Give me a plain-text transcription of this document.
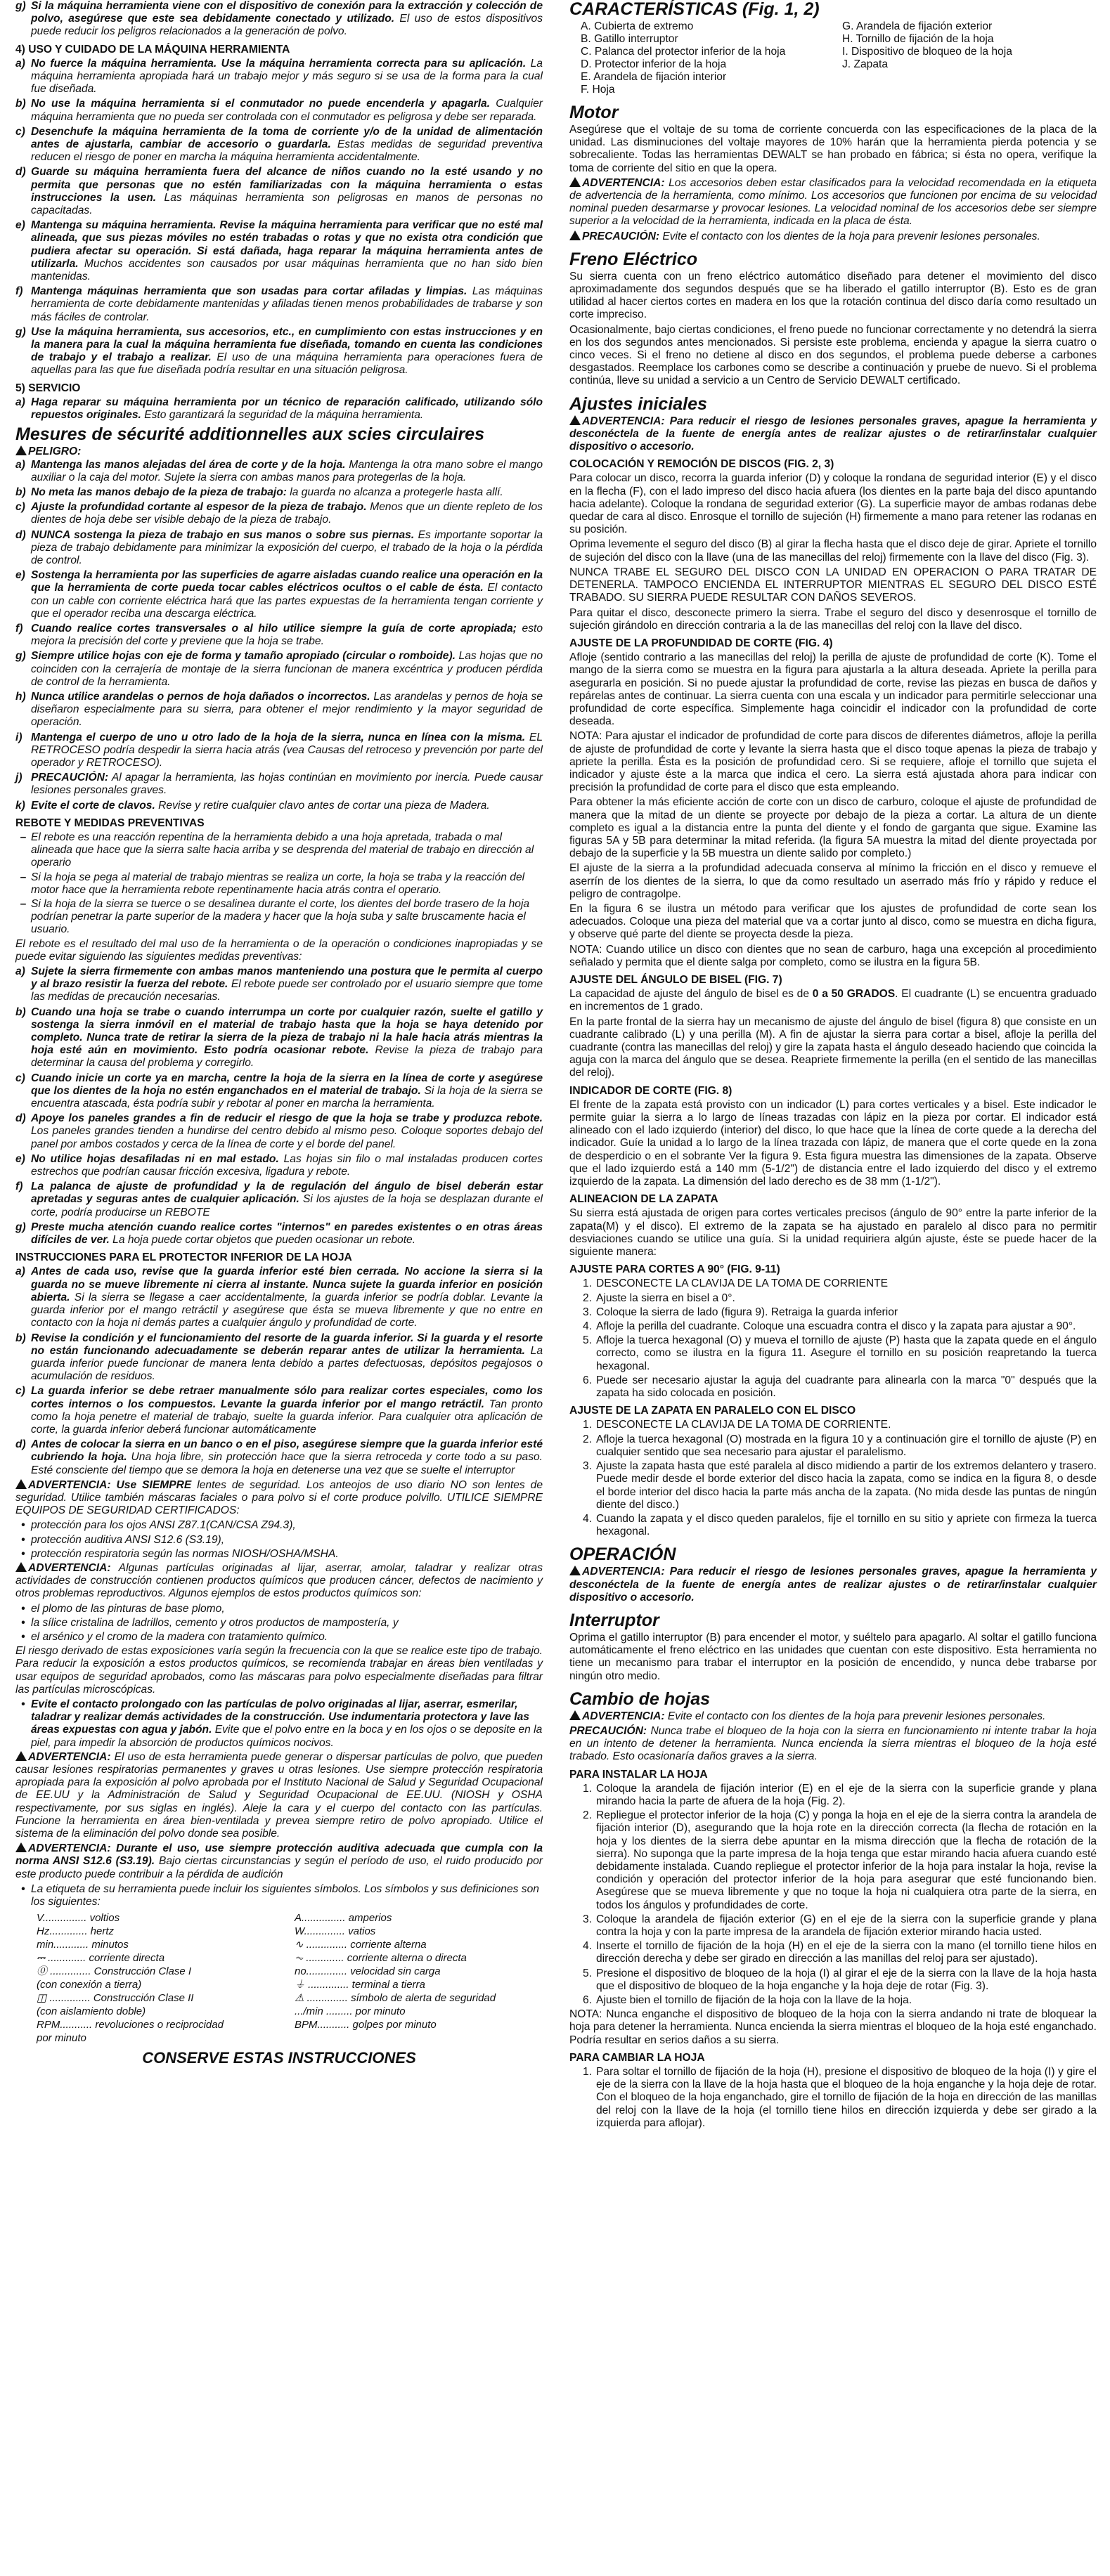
g) Si la máquina herramienta viene con el dispositivo de conexión para la extracción y colección de polvo, asegúrese que este sea debidamente conectado y utilizado. El uso de estos dispositivos puede reducir los peligros relacionados a la generación de polvo.
4) USO Y CUIDADO DE LA MÁQUINA HERRAMIENTA
a) No fuerce la máquina herramienta. Use la máquina herramienta correcta para su aplicación. La máquina herramienta apropiada hará un trabajo mejor y más seguro si se usa de la forma para la cual fue diseñada.
b) No use la máquina herramienta si el conmutador no puede encenderla y apagarla. Cualquier máquina herramienta que no pueda ser controlada con el conmutador es peligrosa y debe ser reparada.
c) Desenchufe la máquina herramienta de la toma de corriente y/o de la unidad de alimentación antes de ajustarla, cambiar de accesorio o guardarla. Estas medidas de seguridad preventiva reducen el riesgo de poner en marcha la máquina herramienta accidentalmente.
d) Guarde su máquina herramienta fuera del alcance de niños cuando no la esté usando y no permita que personas que no estén familiarizadas con la máquina herramienta o estas instrucciones la usen. Las máquinas herramienta son peligrosas en manos de personas no capacitadas.
e) Mantenga su máquina herramienta. Revise la máquina herramienta para verificar que no esté mal alineada, que sus piezas móviles no estén trabadas o rotas y que no exista otra condición que pudiera afectar su operación. Si está dañada, haga reparar la máquina herramienta antes de utilizarla. Muchos accidentes son causados por usar máquinas herramienta que no han sido bien mantenidas.
f) Mantenga máquinas herramienta que son usadas para cortar afiladas y limpias. Las máquinas herramienta de corte debidamente mantenidas y afiladas tienen menos probabilidades de trabarse y son más fáciles de controlar.
g) Use la máquina herramienta, sus accesorios, etc., en cumplimiento con estas instrucciones y en la manera para la cual la máquina herramienta fue diseñada, tomando en cuenta las condiciones de trabajo y el trabajo a realizar. El uso de una máquina herramienta para operaciones fuera de aquellas para las que fue diseñada podría resultar en una situación peligrosa.
5) SERVICIO
a) Haga reparar su máquina herramienta por un técnico de reparación calificado, utilizando sólo repuestos originales. Esto garantizará la seguridad de la máquina herramienta.
Mesures de sécurité additionnelles aux scies circulaires
PELIGRO:
a) Mantenga las manos alejadas del área de corte y de la hoja. Mantenga la otra mano sobre el mango auxiliar o la caja del motor. Sujete la sierra con ambas manos para protegerlas de la hoja.
b) No meta las manos debajo de la pieza de trabajo: la guarda no alcanza a protegerle hasta allí.
c) Ajuste la profundidad cortante al espesor de la pieza de trabajo. Menos que un diente repleto de los dientes de hoja debe ser visible debajo de la pieza de trabajo.
d) NUNCA sostenga la pieza de trabajo en sus manos o sobre sus piernas. Es importante soportar la pieza de trabajo debidamente para minimizar la exposición del cuerpo, el trabado de la hoja o la pérdida de control.
e) Sostenga la herramienta por las superficies de agarre aisladas cuando realice una operación en la que la herramienta de corte pueda tocar cables eléctricos ocultos o el cable de ésta. El contacto con un cable con corriente eléctrica hará que las partes expuestas de la herramienta tengan corriente y que el operador reciba una descarga eléctrica.
f) Cuando realice cortes transversales o al hilo utilice siempre la guía de corte apropiada; esto mejora la precisión del corte y previene que la hoja se trabe.
g) Siempre utilice hojas con eje de forma y tamaño apropiado (circular o romboide). Las hojas que no coinciden con la cerrajería de montaje de la sierra funcionan de manera excéntrica y producen pérdida de control de la herramienta.
h) Nunca utilice arandelas o pernos de hoja dañados o incorrectos. Las arandelas y pernos de hoja se diseñaron especialmente para su sierra, para obtener el mejor rendimiento y la mayor seguridad de operación.
i) Mantenga el cuerpo de uno u otro lado de la hoja de la sierra, nunca en línea con la misma. EL RETROCESO podría despedir la sierra hacia atrás (vea Causas del retroceso y prevención por parte del operador y RETROCESO).
j) PRECAUCIÓN: Al apagar la herramienta, las hojas continúan en movimiento por inercia. Puede causar lesiones personales graves.
k) Evite el corte de clavos. Revise y retire cualquier clavo antes de cortar una pieza de Madera.
REBOTE Y MEDIDAS PREVENTIVAS
– El rebote es una reacción repentina de la herramienta debido a una hoja apretada, trabada o mal alineada que hace que la sierra salte hacia arriba y se desprenda del material de trabajo en dirección al operario
– Si la hoja se pega al material de trabajo mientras se realiza un corte, la hoja se traba y la reacción del motor hace que la herramienta rebote repentinamente hacia atrás contra el operario.
– Si la hoja de la sierra se tuerce o se desalinea durante el corte, los dientes del borde trasero de la hoja podrían penetrar la parte superior de la madera y hacer que la hoja suba y salte bruscamente hacia el usuario.

El rebote es el resultado del mal uso de la herramienta o de la operación o condiciones inapropiadas y se puede evitar siguiendo las siguientes medidas preventivas:

a) Sujete la sierra firmemente con ambas manos manteniendo una postura que le permita al cuerpo y al brazo resistir la fuerza del rebote. El rebote puede ser controlado por el usuario siempre que tome las medidas de precaución necesarias.
b) Cuando una hoja se trabe o cuando interrumpa un corte por cualquier razón, suelte el gatillo y sostenga la sierra inmóvil en el material de trabajo hasta que la hoja se haya detenido por completo. Nunca trate de retirar la sierra de la pieza de trabajo ni la hale hacia atrás mientras la hoja esté aún en movimiento. Esto podría ocasionar rebote. Revise la pieza de trabajo para determinar la causa del problema y corregirlo.
c) Cuando inicie un corte ya en marcha, centre la hoja de la sierra en la línea de corte y asegúrese que los dientes de la hoja no estén enganchados en el material de trabajo. Si la hoja de la sierra se encuentra atascada, ésta podría subir y rebotar al poner en marcha la herramienta.
d) Apoye los paneles grandes a fin de reducir el riesgo de que la hoja se trabe y produzca rebote. Los paneles grandes tienden a hundirse del centro debido al mismo peso. Coloque soportes debajo del panel por ambos costados y cerca de la línea de corte y el borde del panel.
e) No utilice hojas desafiladas ni en mal estado. Las hojas sin filo o mal instaladas producen cortes estrechos que podrían causar fricción excesiva, ligadura y rebote.
f) La palanca de ajuste de profundidad y la de regulación del ángulo de bisel deberán estar apretadas y seguras antes de cualquier aplicación. Si los ajustes de la hoja se desplazan durante el corte, podría producirse un REBOTE
g) Preste mucha atención cuando realice cortes "internos" en paredes existentes o en otras áreas difíciles de ver. La hoja puede cortar objetos que pueden ocasionar un rebote.
INSTRUCCIONES PARA EL PROTECTOR INFERIOR DE LA HOJA
a) Antes de cada uso, revise que la guarda inferior esté bien cerrada. No accione la sierra si la guarda no se mueve libremente ni cierra al instante. Nunca sujete la guarda inferior en posición abierta. Si la sierra se llegase a caer accidentalmente, la guarda inferior se podría doblar. Levante la guarda inferior por el mango retráctil y asegúrese que ésta se mueva libremente y que no entre en contacto con la hoja ni demás partes a cualquier ángulo y profundidad de corte.
b) Revise la condición y el funcionamiento del resorte de la guarda inferior. Si la guarda y el resorte no están funcionando adecuadamente se deberán reparar antes de utilizar la herramienta. La guarda inferior puede funcionar de manera lenta debido a partes defectuosas, depósitos pegajosos o acumulación de residuos.
c) La guarda inferior se debe retraer manualmente sólo para realizar cortes especiales, como los cortes internos o los compuestos. Levante la guarda inferior por el mango retráctil. Tan pronto como la hoja penetre el material de trabajo, suelte la guarda inferior. Para cualquier otra aplicación de corte, la guarda inferior deberá funcionar automáticamente
d) Antes de colocar la sierra en un banco o en el piso, asegúrese siempre que la guarda inferior esté cubriendo la hoja. Una hoja libre, sin protección hace que la sierra retroceda y corte todo a su paso. Esté consciente del tiempo que se demora la hoja en detenerse una vez que se suelte el interruptor

ADVERTENCIA: Use SIEMPRE lentes de seguridad. Los anteojos de uso diario NO son lentes de seguridad. Utilice también máscaras faciales o para polvo si el corte produce polvillo. UTILICE SIEMPRE EQUIPOS DE SEGURIDAD CERTIFICADOS:

• protección para los ojos ANSI Z87.1(CAN/CSA Z94.3),
• protección auditiva ANSI S12.6 (S3.19),
• protección respiratoria según las normas NIOSH/OSHA/MSHA.

ADVERTENCIA: Algunas partículas originadas al lijar, aserrar, amolar, taladrar y realizar otras actividades de construcción contienen productos químicos que producen cáncer, defectos de nacimiento y otros problemas reproductivos. Algunos ejemplos de estos productos químicos son:

• el plomo de las pinturas de base plomo,
• la sílice cristalina de ladrillos, cemento y otros productos de mampostería, y
• el arsénico y el cromo de la madera con tratamiento químico.

El riesgo derivado de estas exposiciones varía según la frecuencia con la que se realice este tipo de trabajo. Para reducir la exposición a estos productos químicos, se recomienda trabajar en áreas bien ventiladas y usar equipos de seguridad aprobados, como las máscaras para polvo especialmente diseñadas para filtrar las partículas microscópicas.

• Evite el contacto prolongado con las partículas de polvo originadas al lijar, aserrar, esmerilar, taladrar y realizar demás actividades de la construcción. Use indumentaria protectora y lave las áreas expuestas con agua y jabón. Evite que el polvo entre en la boca y en los ojos o se deposite en la piel, para impedir la absorción de productos químicos nocivos.

ADVERTENCIA: El uso de esta herramienta puede generar o dispersar partículas de polvo, que pueden causar lesiones respiratorias permanentes y graves u otras lesiones. Use siempre protección respiratoria apropiada para la exposición al polvo aprobada por el Instituto Nacional de Salud y Seguridad Ocupacional de EE.UU y la Administración de Salud y Seguridad Ocupacional de EE.UU. (NIOSH y OSHA respectivamente, por sus siglas en inglés). Aleje la cara y el cuerpo del contacto con las partículas. Funcione la herramienta en área bien-ventilada y prevea siempre retiro de polvo apropiado. Utilice el sistema de la eliminación del polvo donde sea posible.

ADVERTENCIA: Durante el uso, use siempre protección auditiva adecuada que cumpla con la norma ANSI S12.6 (S3.19). Bajo ciertas circunstancias y según el período de uso, el ruido producido por este producto puede contribuir a la pérdida de audición

• La etiqueta de su herramienta puede incluir los siguientes símbolos. Los símbolos y sus definiciones son los siguientes:
V............... voltios	A............... amperios
Hz............. hertz	W.............. vatios
min............ minutos	∿ .............. corriente alterna
⎓ ............. corriente directa	⏦ ............. corriente alterna o directa
⓪ .............. Construcción Clase I	no.............. velocidad sin carga
(con conexión a tierra)	⏚ .............. terminal a tierra
◫ .............. Construcción Clase II	⚠ .............. símbolo de alerta de seguridad
(con aislamiento doble)	.../min ......... por minuto
RPM........... revoluciones o reciprocidad	BPM........... golpes por minuto
por minuto
CONSERVE ESTAS INSTRUCCIONES
CARACTERÍSTICAS (Fig. 1, 2)
A. Cubierta de extremo	G. Arandela de fijación exterior
B. Gatillo interruptor	H. Tornillo de fijación de la hoja
C. Palanca del protector inferior de la hoja	I. Dispositivo de bloqueo de la hoja
D. Protector inferior de la hoja	J. Zapata
E. Arandela de fijación interior
F. Hoja
Motor

Asegúrese que el voltaje de su toma de corriente concuerda con las especificaciones de la placa de la unidad. Las disminuciones del voltaje mayores de 10% harán que la herramienta pierda potencia y se sobrecaliente. Todas las herramientas DEWALT se han probado en fábrica; si ésta no opera, verifique la toma de corriente del sitio en que la opera.

ADVERTENCIA: Los accesorios deben estar clasificados para la velocidad recomendada en la etiqueta de advertencia de la herramienta, como mínimo. Los accesorios que funcionen por encima de su velocidad nominal pueden desarmarse y provocar lesiones. La velocidad nominal de los accesorios debe ser siempre superior a la velocidad de la herramienta, indicada en la placa de ésta.

PRECAUCIÓN: Evite el contacto con los dientes de la hoja para prevenir lesiones personales.

Freno Eléctrico

Su sierra cuenta con un freno eléctrico automático diseñado para detener el movimiento del disco aproximadamente dos segundos después que se ha liberado el gatillo interruptor (B). Esto es de gran utilidad al hacer ciertos cortes en madera en los que la rotación continua del disco daría como resultado un corte impreciso.

Ocasionalmente, bajo ciertas condiciones, el freno puede no funcionar correctamente y no detendrá la sierra en los dos segundos antes mencionados. Si persiste este problema, encienda y apague la sierra cuatro o cinco veces. Si el freno no detiene al disco en dos segundos, el problema puede deberse a carbones desgastados. Reemplace los carbones como se describe a continuación y pruebe de nuevo. Si el problema continúa, lleve su unidad a servicio a un Centro de Servicio DEWALT certificado.

Ajustes iniciales

ADVERTENCIA: Para reducir el riesgo de lesiones personales graves, apague la herramienta y desconéctela de la fuente de energía antes de realizar ajustes o de retirar/instalar cualquier dispositivo o accesorio.

COLOCACIÓN Y REMOCIÓN DE DISCOS (FIG. 2, 3)

Para colocar un disco, recorra la guarda inferior (D) y coloque la rondana de seguridad interior (E) y el disco en la flecha (F), con el lado impreso del disco hacia afuera (los dientes en la parte baja del disco apuntando hacia adelante). Coloque la rondana de seguridad exterior (G). La superficie mayor de ambas rodanas debe quedar de cara al disco. Enrosque el tornillo de sujeción (H) firmemente a mano para retener las rodanas en su posición.

Oprima levemente el seguro del disco (B) al girar la flecha hasta que el disco deje de girar. Apriete el tornillo de sujeción del disco con la llave (una de las manecillas del reloj) firmemente con la llave del disco (Fig. 3).

NUNCA TRABE EL SEGURO DEL DISCO CON LA UNIDAD EN OPERACION O PARA TRATAR DE DETENERLA. TAMPOCO ENCIENDA EL INTERRUPTOR MIENTRAS EL SEGURO DEL DISCO ESTÉ TRABADO. SU SIERRA PUEDE RESULTAR CON DAÑOS SEVEROS.

Para quitar el disco, desconecte primero la sierra. Trabe el seguro del disco y desenrosque el tornillo de sujeción girándolo en dirección contraria a la de las manecillas del reloj con la llave del disco.

AJUSTE DE LA PROFUNDIDAD DE CORTE (FIG. 4)

Afloje (sentido contrario a las manecillas del reloj) la perilla de ajuste de profundidad de corte (K). Tome el mango de la sierra como se muestra en la figura para ajustarla a la altura deseada. Apriete la perilla para asegurarla en posición. Si no puede ajustar la profundidad de corte, revise las piezas en busca de daños y repárelas antes de continuar. La sierra cuenta con una escala y un indicador para permitirle seleccionar una profundidad de corte específica. Simplemente haga coincidir el indicador con la profundidad de corte deseada.

NOTA: Para ajustar el indicador de profundidad de corte para discos de diferentes diámetros, afloje la perilla de ajuste de profundidad de corte y levante la sierra hasta que el disco toque apenas la pieza de trabajo y apriete la perilla. Ésta es la posición de profundidad cero. Si se requiere, afloje el tornillo que sujeta el indicador y ajuste éste a la marca que indica el cero. La sierra está ajustada ahora para indicar con precisión la profundidad de corte para el disco que esta empleando.

Para obtener la más eficiente acción de corte con un disco de carburo, coloque el ajuste de profundidad de manera que la mitad de un diente se proyecte por debajo de la pieza a cortar. La altura de un diente completo es igual a la distancia entre la punta del diente y el fondo de garganta que sigue. Examine las figuras 5A y 5B para determinar la mitad referida. (la figura 5A muestra la mitad del diente proyectada por debajo de la superficie y la 5B muestra un diente salido por completo.)

El ajuste de la sierra a la profundidad adecuada conserva al mínimo la fricción en el disco y remueve el aserrín de los dientes de la sierra, lo que da como resultado un aserrado más frío y rápido y reduce el peligro de contragolpe.

En la figura 6 se ilustra un método para verificar que los ajustes de profundidad de corte sean los adecuados. Coloque una pieza del material que va a cortar junto al disco, como se muestra en dicha figura, y observe qué parte del diente se proyecta desde la pieza.

NOTA: Cuando utilice un disco con dientes que no sean de carburo, haga una excepción al procedimiento señalado y permita que el diente salga por completo, como se ilustra en la figura 5B.

AJUSTE DEL ÁNGULO DE BISEL (FIG. 7)

La capacidad de ajuste del ángulo de bisel es de 0 a 50 GRADOS. El cuadrante (L) se encuentra graduado en incrementos de 1 grado.

En la parte frontal de la sierra hay un mecanismo de ajuste del ángulo de bisel (figura 8) que consiste en un cuadrante calibrado (L) y una perilla (M). A fin de ajustar la sierra para cortar a bisel, afloje la perilla del cuadrante (contra las manecillas del reloj) y gire la zapata hasta el ángulo deseado haciendo que coincida la aguja con la marca del ángulo que se desea. Reapriete firmemente la perilla (en el sentido de las manecillas del reloj).

INDICADOR DE CORTE (FIG. 8)

El frente de la zapata está provisto con un indicador (L) para cortes verticales y a bisel. Este indicador le permite guiar la sierra a lo largo de líneas trazadas con lápiz en la pieza por cortar. El indicador está alineado con el lado izquierdo (interior) del disco, lo que hace que la línea de corte quede a la derecha del indicador. Guíe la unidad a lo largo de la línea trazada con lápiz, de manera que el corte quede en la zona de desperdicio o en el sobrante Ver la figura 9. Esta figura muestra las dimensiones de la zapata. Observe que el lado izquierdo está a 140 mm (5-1/2") de distancia entre el lado izquierdo del disco y el extremo izquierdo de la zapata. La dimensión del lado derecho es de 38 mm (1-1/2").

ALINEACION DE LA ZAPATA

Su sierra está ajustada de origen para cortes verticales precisos (ángulo de 90° entre la parte inferior de la zapata(M) y el disco). El extremo de la zapata se ha ajustado en paralelo al disco para no permitir desviaciones cuando se utilice una guía. Si la unidad requiriera algún ajuste, éste se puede hacer de la siguiente manera:

AJUSTE PARA CORTES A 90° (FIG. 9-11)
1. DESCONECTE LA CLAVIJA DE LA TOMA DE CORRIENTE
2. Ajuste la sierra en bisel a 0°.
3. Coloque la sierra de lado (figura 9). Retraiga la guarda inferior
4. Afloje la perilla del cuadrante. Coloque una escuadra contra el disco y la zapata para ajustar a 90°.
5. Afloje la tuerca hexagonal (O) y mueva el tornillo de ajuste (P) hasta que la zapata quede en el ángulo correcto, como se ilustra en la figura 11. Asegure el tornillo en su posición reapretando la tuerca hexagonal.
6. Puede ser necesario ajustar la aguja del cuadrante para alinearla con la marca "0" después que la zapata ha sido colocada en posición.
AJUSTE DE LA ZAPATA EN PARALELO CON EL DISCO
1. DESCONECTE LA CLAVIJA DE LA TOMA DE CORRIENTE.
2. Afloje la tuerca hexagonal (O) mostrada en la figura 10 y a continuación gire el tornillo de ajuste (P) en cualquier sentido que sea necesario para ajustar el paralelismo.
3. Ajuste la zapata hasta que esté paralela al disco midiendo a partir de los extremos delantero y trasero. Puede medir desde el borde exterior del disco hacia la zapata, como se indica en la figura 8, o desde el borde interior del disco hacia la parte más ancha de la zapata. (No mida desde las puntas de ningún diente del disco.)
4. Cuando la zapata y el disco queden paralelos, fije el tornillo en su sitio y apriete con firmeza la tuerca hexagonal.
OPERACIÓN

ADVERTENCIA: Para reducir el riesgo de lesiones personales graves, apague la herramienta y desconéctela de la fuente de energía antes de realizar ajustes o de retirar/instalar cualquier dispositivo o accesorio.

Interruptor

Oprima el gatillo interruptor (B) para encender el motor, y suéltelo para apagarlo. Al soltar el gatillo funciona automáticamente el freno eléctrico en las unidades que cuentan con este dispositivo. Esta herramienta no tiene un mecanismo para trabar el interruptor en la posición de encendido, y nunca debe trabarse por ningún otro medio.

Cambio de hojas

ADVERTENCIA: Evite el contacto con los dientes de la hoja para prevenir lesiones personales.

PRECAUCIÓN: Nunca trabe el bloqueo de la hoja con la sierra en funcionamiento ni intente trabar la hoja en un intento de detener la herramienta. Nunca encienda la sierra mientras el bloqueo de la hoja esté trabado. Esto ocasionaría daños graves a la sierra.

PARA INSTALAR LA HOJA
1. Coloque la arandela de fijación interior (E) en el eje de la sierra con la superficie grande y plana mirando hacia la parte de afuera de la hoja (Fig. 2).
2. Repliegue el protector inferior de la hoja (C) y ponga la hoja en el eje de la sierra contra la arandela de fijación interior (D), asegurando que la hoja rote en la dirección correcta (la flecha de rotación en la hoja y los dientes de la sierra debe apuntar en la misma dirección que la flecha de rotación de la sierra). No suponga que la parte impresa de la hoja tenga que estar mirando hacia afuera cuando esté debidamente instalada. Cuando repliegue el protector inferior de la hoja para instalar la hoja, revise la condición y operación del protector inferior de la hoja para asegurar que esté funcionando bien. Asegúrese que se mueva libremente y que no toque la hoja ni cualquiera otra parte de la sierra, en todos los ángulos y profundidades de corte.
3. Coloque la arandela de fijación exterior (G) en el eje de la sierra con la superficie grande y plana contra la hoja y con la parte impresa de la arandela de fijación exterior mirando hacia usted.
4. Inserte el tornillo de fijación de la hoja (H) en el eje de la sierra con la mano (el tornillo tiene hilos en dirección derecha y debe ser girado en dirección a las manillas del reloj para ser ajustado).
5. Presione el dispositivo de bloqueo de la hoja (I) al girar el eje de la sierra con la llave de la hoja hasta que el dispositivo de bloqueo de la hoja enganche y la hoja deje de rotar (Fig. 3).
6. Ajuste bien el tornillo de fijación de la hoja con la llave de la hoja.

NOTA: Nunca enganche el dispositivo de bloqueo de la hoja con la sierra andando ni trate de bloquear la hoja para detener la herramienta. Nunca encienda la sierra mientras el bloqueo de la hoja esté enganchado. Podría resultar en serios daños a su sierra.

PARA CAMBIAR LA HOJA
1. Para soltar el tornillo de fijación de la hoja (H), presione el dispositivo de bloqueo de la hoja (I) y gire el eje de la sierra con la llave de la hoja hasta que el bloqueo de la hoja enganche y la hoja deje de rotar. Con el bloqueo de la hoja enganchado, gire el tornillo de fijación de la hoja en dirección de las manillas del reloj con la llave de la hoja (el tornillo tiene hilos en dirección izquierda y debe ser girado a la izquierda para aflojar).
